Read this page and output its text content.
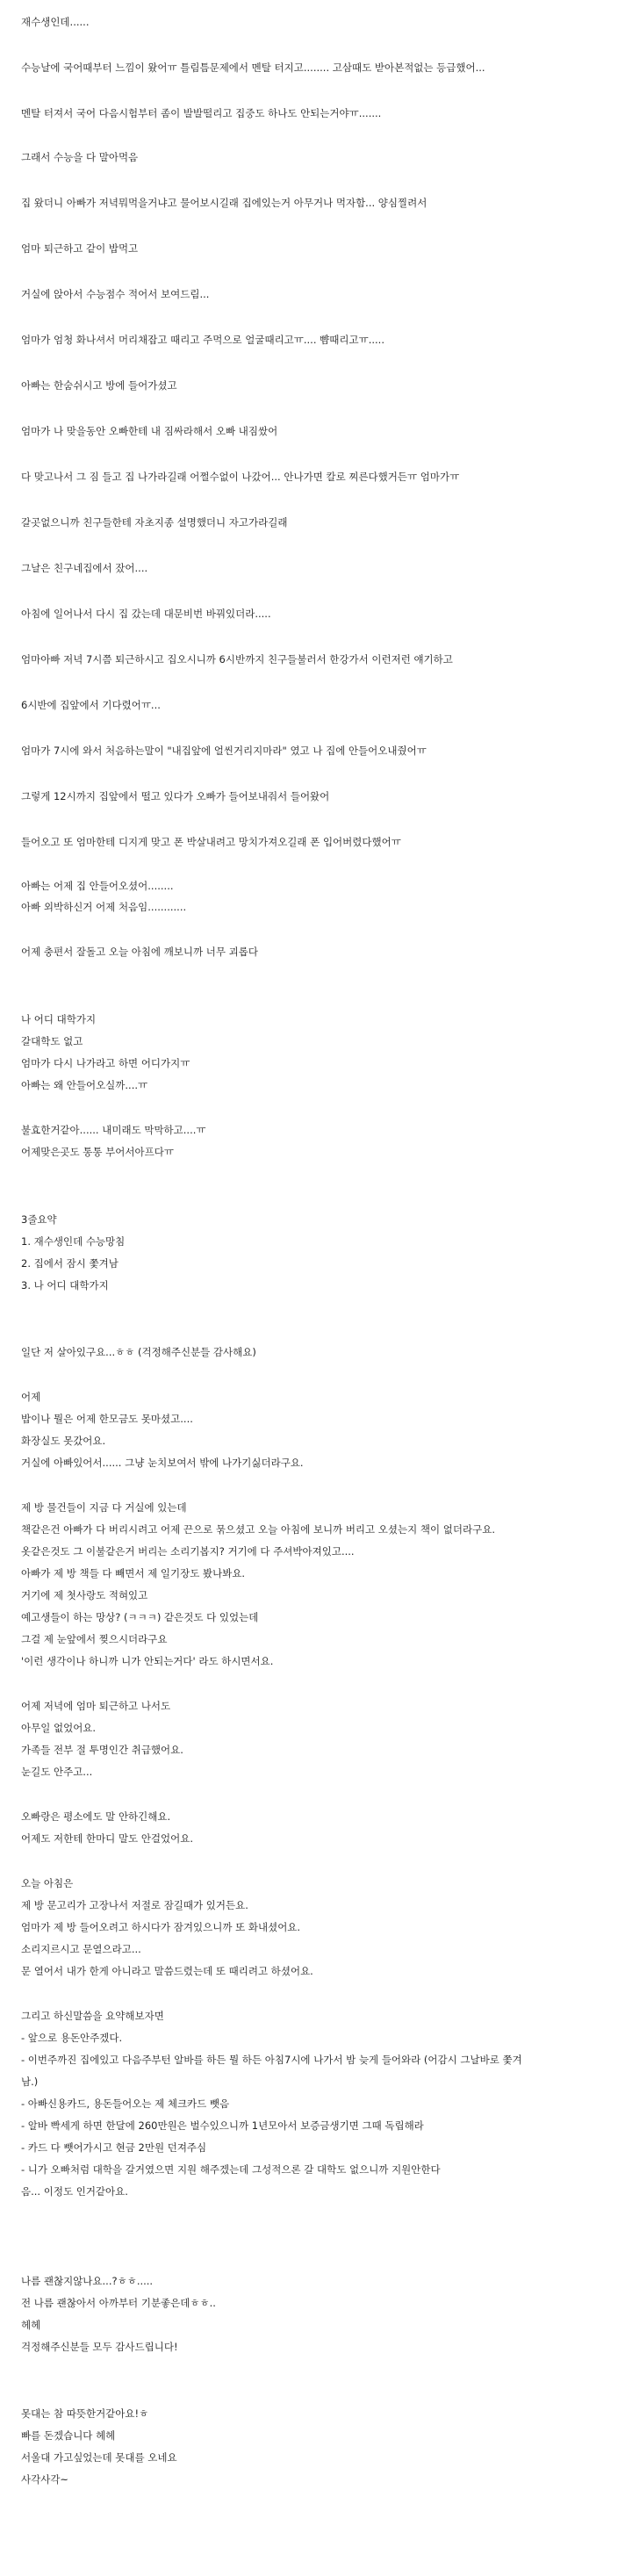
재수생인데......
수능날에 국어때부터 느낌이 왔어ㅠ 틀림틈문제에서 멘탈 터지고........ 고삼때도 받아본적없는 등급했어...
멘탈 터져서 국어 다음시험부터 좀이 발발떨리고 집중도 하나도 안되는거야ㅠ.......
그래서 수능을 다 말아먹음
집 왔더니 아빠가 저녁뭐먹을거냐고 물어보시길래 집에있는거 아무거나 먹자함... 양심찔려서
엄마 퇴근하고 같이 밥먹고
거실에 앉아서 수능점수 적어서 보여드림...
엄마가 엄청 화나셔서 머리채잡고 때리고 주먹으로 얼굴때리고ㅠ.... 뺨때리고ㅠ.....
아빠는 한숨쉬시고 방에 들어가셨고
엄마가 나 맞을동안 오빠한테 내 짐싸라해서 오빠 내짐쌌어
다 맞고나서 그 짐 들고 집 나가라길래 어쩔수없이 나갔어... 안나가면 칼로 찌른다했거든ㅠ 엄마가ㅠ
갈곳없으니까 친구들한테 자초지종 설명했더니 자고가라길래
그날은 친구네집에서 잤어....
아침에 일어나서 다시 집 갔는데 대문비번 바꿔있더라.....
엄마아빠 저녁 7시쯤 퇴근하시고 집오시니까 6시반까지 친구들불러서 한강가서 이런저런 얘기하고
6시반에 집앞에서 기다렸어ㅠ...
엄마가 7시에 와서 처음하는말이 "내집앞에 얼씬거리지마라" 였고 나 집에 안들어오내줬어ㅠ
그렇게 12시까지 집앞에서 떨고 있다가 오빠가 들어보내줘서 들어왔어
들어오고 또 엄마한테 디지게 맞고 폰 박살내려고 망치가져오길래 폰 입어버렸다했어ㅠ
아빠는 어제 집 안들어오셨어........
아빠 외박하신거 어제 처음임............
어제 충편서 잘돌고 오늘 아침에 깨보니까 너무 괴롭다
나 어디 대학가지
갈대학도 없고
엄마가 다시 나가라고 하면 어디가지ㅠ
아빠는 왜 안들어오실까....ㅠ
불효한거같아...... 내미래도 막막하고....ㅠ
어제맞은곳도 통통 부어서아프다ㅠ
3줄요약
1. 재수생인데 수능망침
2. 집에서 잠시 쫓겨남
3. 나 어디 대학가지
일단 저 살아있구요...ㅎㅎ (걱정해주신분들 감사해요)
어제
밥이나 뭘은 어제 한모금도 못마셨고....
화장실도 못갔어요.
거실에 아빠있어서...... 그냥 눈치보여서 밖에 나가기싫더라구요.
제 방 물건들이 지금 다 거실에 있는데
책같은건 아빠가 다 버리시려고 어제 끈으로 묶으셨고 오늘 아침에 보니까 버리고 오셨는지 책이 없더라구요.
옷같은것도 그 이불같은거 버리는 소리기봅지? 거기에 다 주셔박아져있고....
아빠가 제 방 책들 다 빼면서 제 일기장도 봤나봐요.
거기에 제 첫사랑도 적혀있고
예고생들이 하는 망상? (ㅋㅋㅋ) 같은것도 다 있었는데
그걸 제 눈앞에서 찢으시더라구요
'이런 생각이나 하니까 니가 안되는거다' 라도 하시면서요.
어제 저녁에 엄마 퇴근하고 나서도
아무일 없었어요.
가족들 전부 절 투명인간 취급했어요.
눈길도 안주고...
오빠랑은 평소에도 말 안하긴해요.
어제도 저한테 한마디 말도 안걸었어요.
오늘 아침은
제 방 문고리가 고장나서 저절로 잠길때가 있거든요.
엄마가 제 방 들어오려고 하시다가 잠겨있으니까 또 화내셨어요.
소리지르시고 문열으라고...
문 열어서 내가 한게 아니라고 말씀드렸는데 또 때리려고 하셨어요.
그리고 하신말씀을 요약해보자면
- 앞으로 용돈안주겠다.
- 이번주까진 집에있고 다음주부턴 알바를 하든 뭘 하든 아침7시에 나가서 밤 늦게 들어와라 (어감시 그날바로 쫓겨
남.)
- 아빠신용카드, 용돈들어오는 제 체크카드 뺏음
- 알바 빡세게 하면 한달에 260만원은 벌수있으니까 1년모아서 보증금생기면 그때 독립해라
- 카드 다 뺏어가시고 현금 2만원 던져주심
- 니가 오빠처럼 대학을 갈거였으면 지원 해주겠는데 그성적으론 갈 대학도 없으니까 지원안한다
음... 이정도 인거같아요.
나름 괜찮지않나요...?ㅎㅎ.....
전 나름 괜찮아서 아까부터 기분좋은데ㅎㅎ..
헤헤
걱정해주신분들 모두 감사드립니다!
못대는 참 따뜻한거같아요!ㅎ
빠를 돈겠습니다 헤헤
서울대 가고싶었는데 못대를 오네요
사각사각~
